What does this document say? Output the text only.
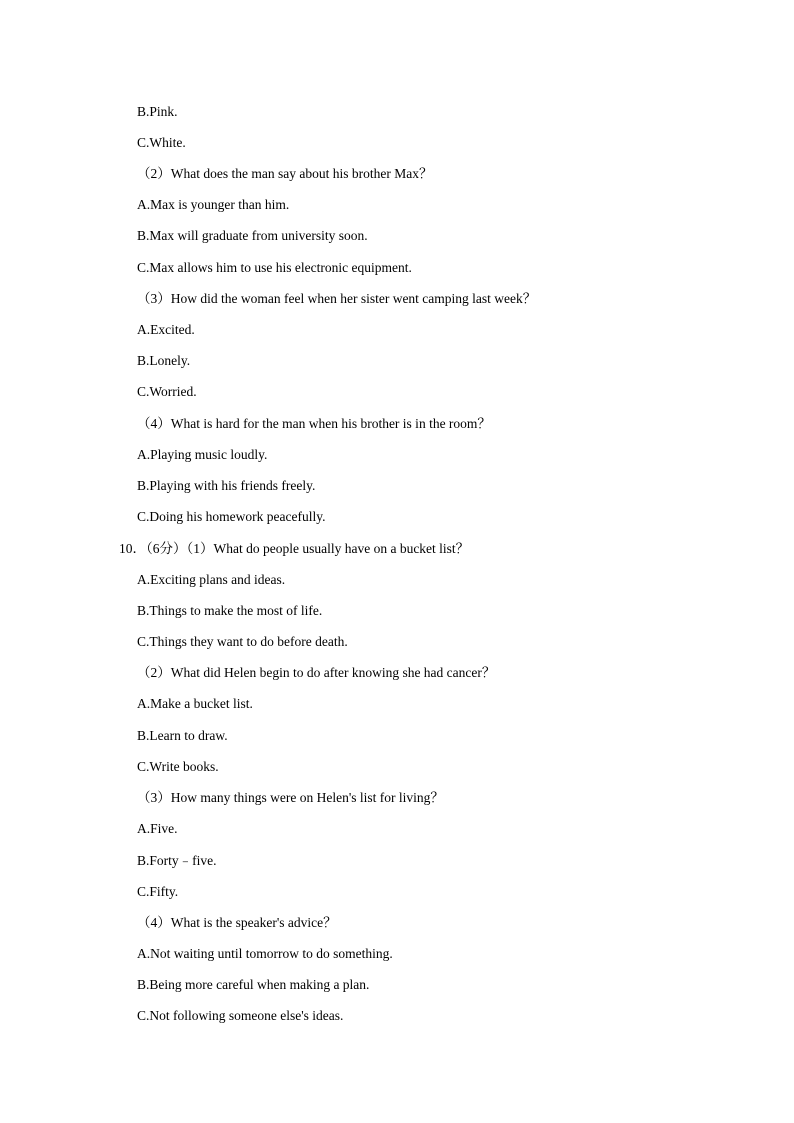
B.Pink.
C.White.
（2）What does the man say about his brother Max？
A.Max is younger than him.
B.Max will graduate from university soon.
C.Max allows him to use his electronic equipment.
（3）How did the woman feel when her sister went camping last week？
A.Excited.
B.Lonely.
C.Worried.
（4）What is hard for the man when his brother is in the room？
A.Playing music loudly.
B.Playing with his friends freely.
C.Doing his homework peacefully.
10．（6分）（1）What do people usually have on a bucket list？
A.Exciting plans and ideas.
B.Things to make the most of life.
C.Things they want to do before death.
（2）What did Helen begin to do after knowing she had cancer？
A.Make a bucket list.
B.Learn to draw.
C.Write books.
（3）How many things were on Helen's list for living？
A.Five.
B.Forty﹣five.
C.Fifty.
（4）What is the speaker's advice？
A.Not waiting until tomorrow to do something.
B.Being more careful when making a plan.
C.Not following someone else's ideas.
